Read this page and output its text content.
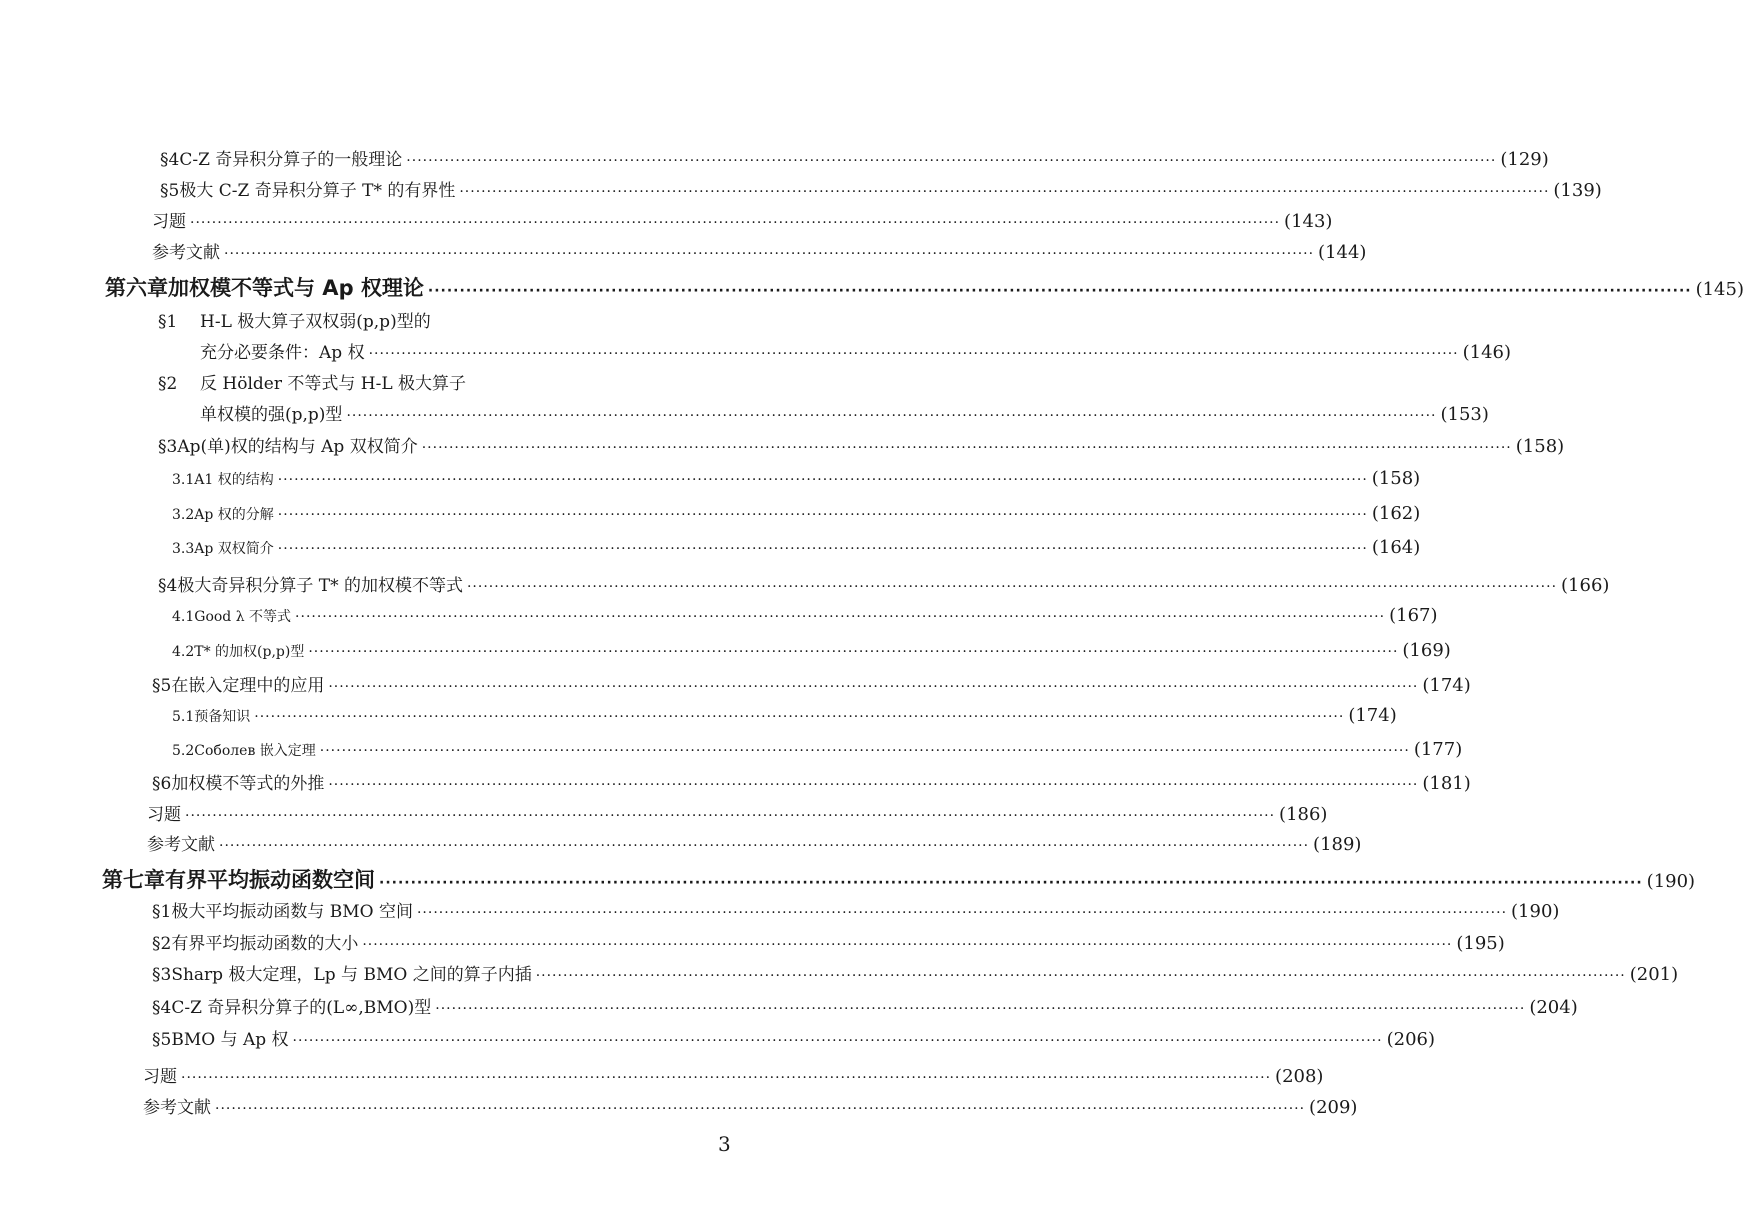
§4 C-Z 奇异积分算子的一般理论 ········································································································································································································ (129)
§5 极大 C-Z 奇异积分算子 T* 的有界性 ········································································································································································································ (139)
习题 ········································································································································································································ (143)
参考文献 ········································································································································································································ (144)
第六章 加权模不等式与 Ap 权理论 ········································································································································································································ (145)
§1	H-L 极大算子双权弱(p,p)型的
充分必要条件：Ap 权 ········································································································································································································ (146)
§2	反 Hölder 不等式与 H-L 极大算子
单权模的强(p,p)型 ········································································································································································································ (153)
§3 Ap(单)权的结构与 Ap 双权简介 ········································································································································································································ (158)
3.1 A1 权的结构 ········································································································································································································ (158)
3.2 Ap 权的分解 ········································································································································································································ (162)
3.3 Ap 双权简介 ········································································································································································································ (164)
§4 极大奇异积分算子 T* 的加权模不等式 ········································································································································································································ (166)
4.1 Good λ 不等式 ········································································································································································································ (167)
4.2 T* 的加权(p,p)型 ········································································································································································································ (169)
§5 在嵌入定理中的应用 ········································································································································································································ (174)
5.1 预备知识 ········································································································································································································ (174)
5.2 Соболев 嵌入定理 ········································································································································································································ (177)
§6 加权模不等式的外推 ········································································································································································································ (181)
习题 ········································································································································································································ (186)
参考文献 ········································································································································································································ (189)
第七章 有界平均振动函数空间 ········································································································································································································ (190)
§1 极大平均振动函数与 BMO 空间 ········································································································································································································ (190)
§2 有界平均振动函数的大小 ········································································································································································································ (195)
§3 Sharp 极大定理，Lp 与 BMO 之间的算子内插 ········································································································································································································ (201)
§4 C-Z 奇异积分算子的(L∞,BMO)型 ········································································································································································································ (204)
§5 BMO 与 Ap 权 ········································································································································································································ (206)
习题 ········································································································································································································ (208)
参考文献 ········································································································································································································ (209)
3
